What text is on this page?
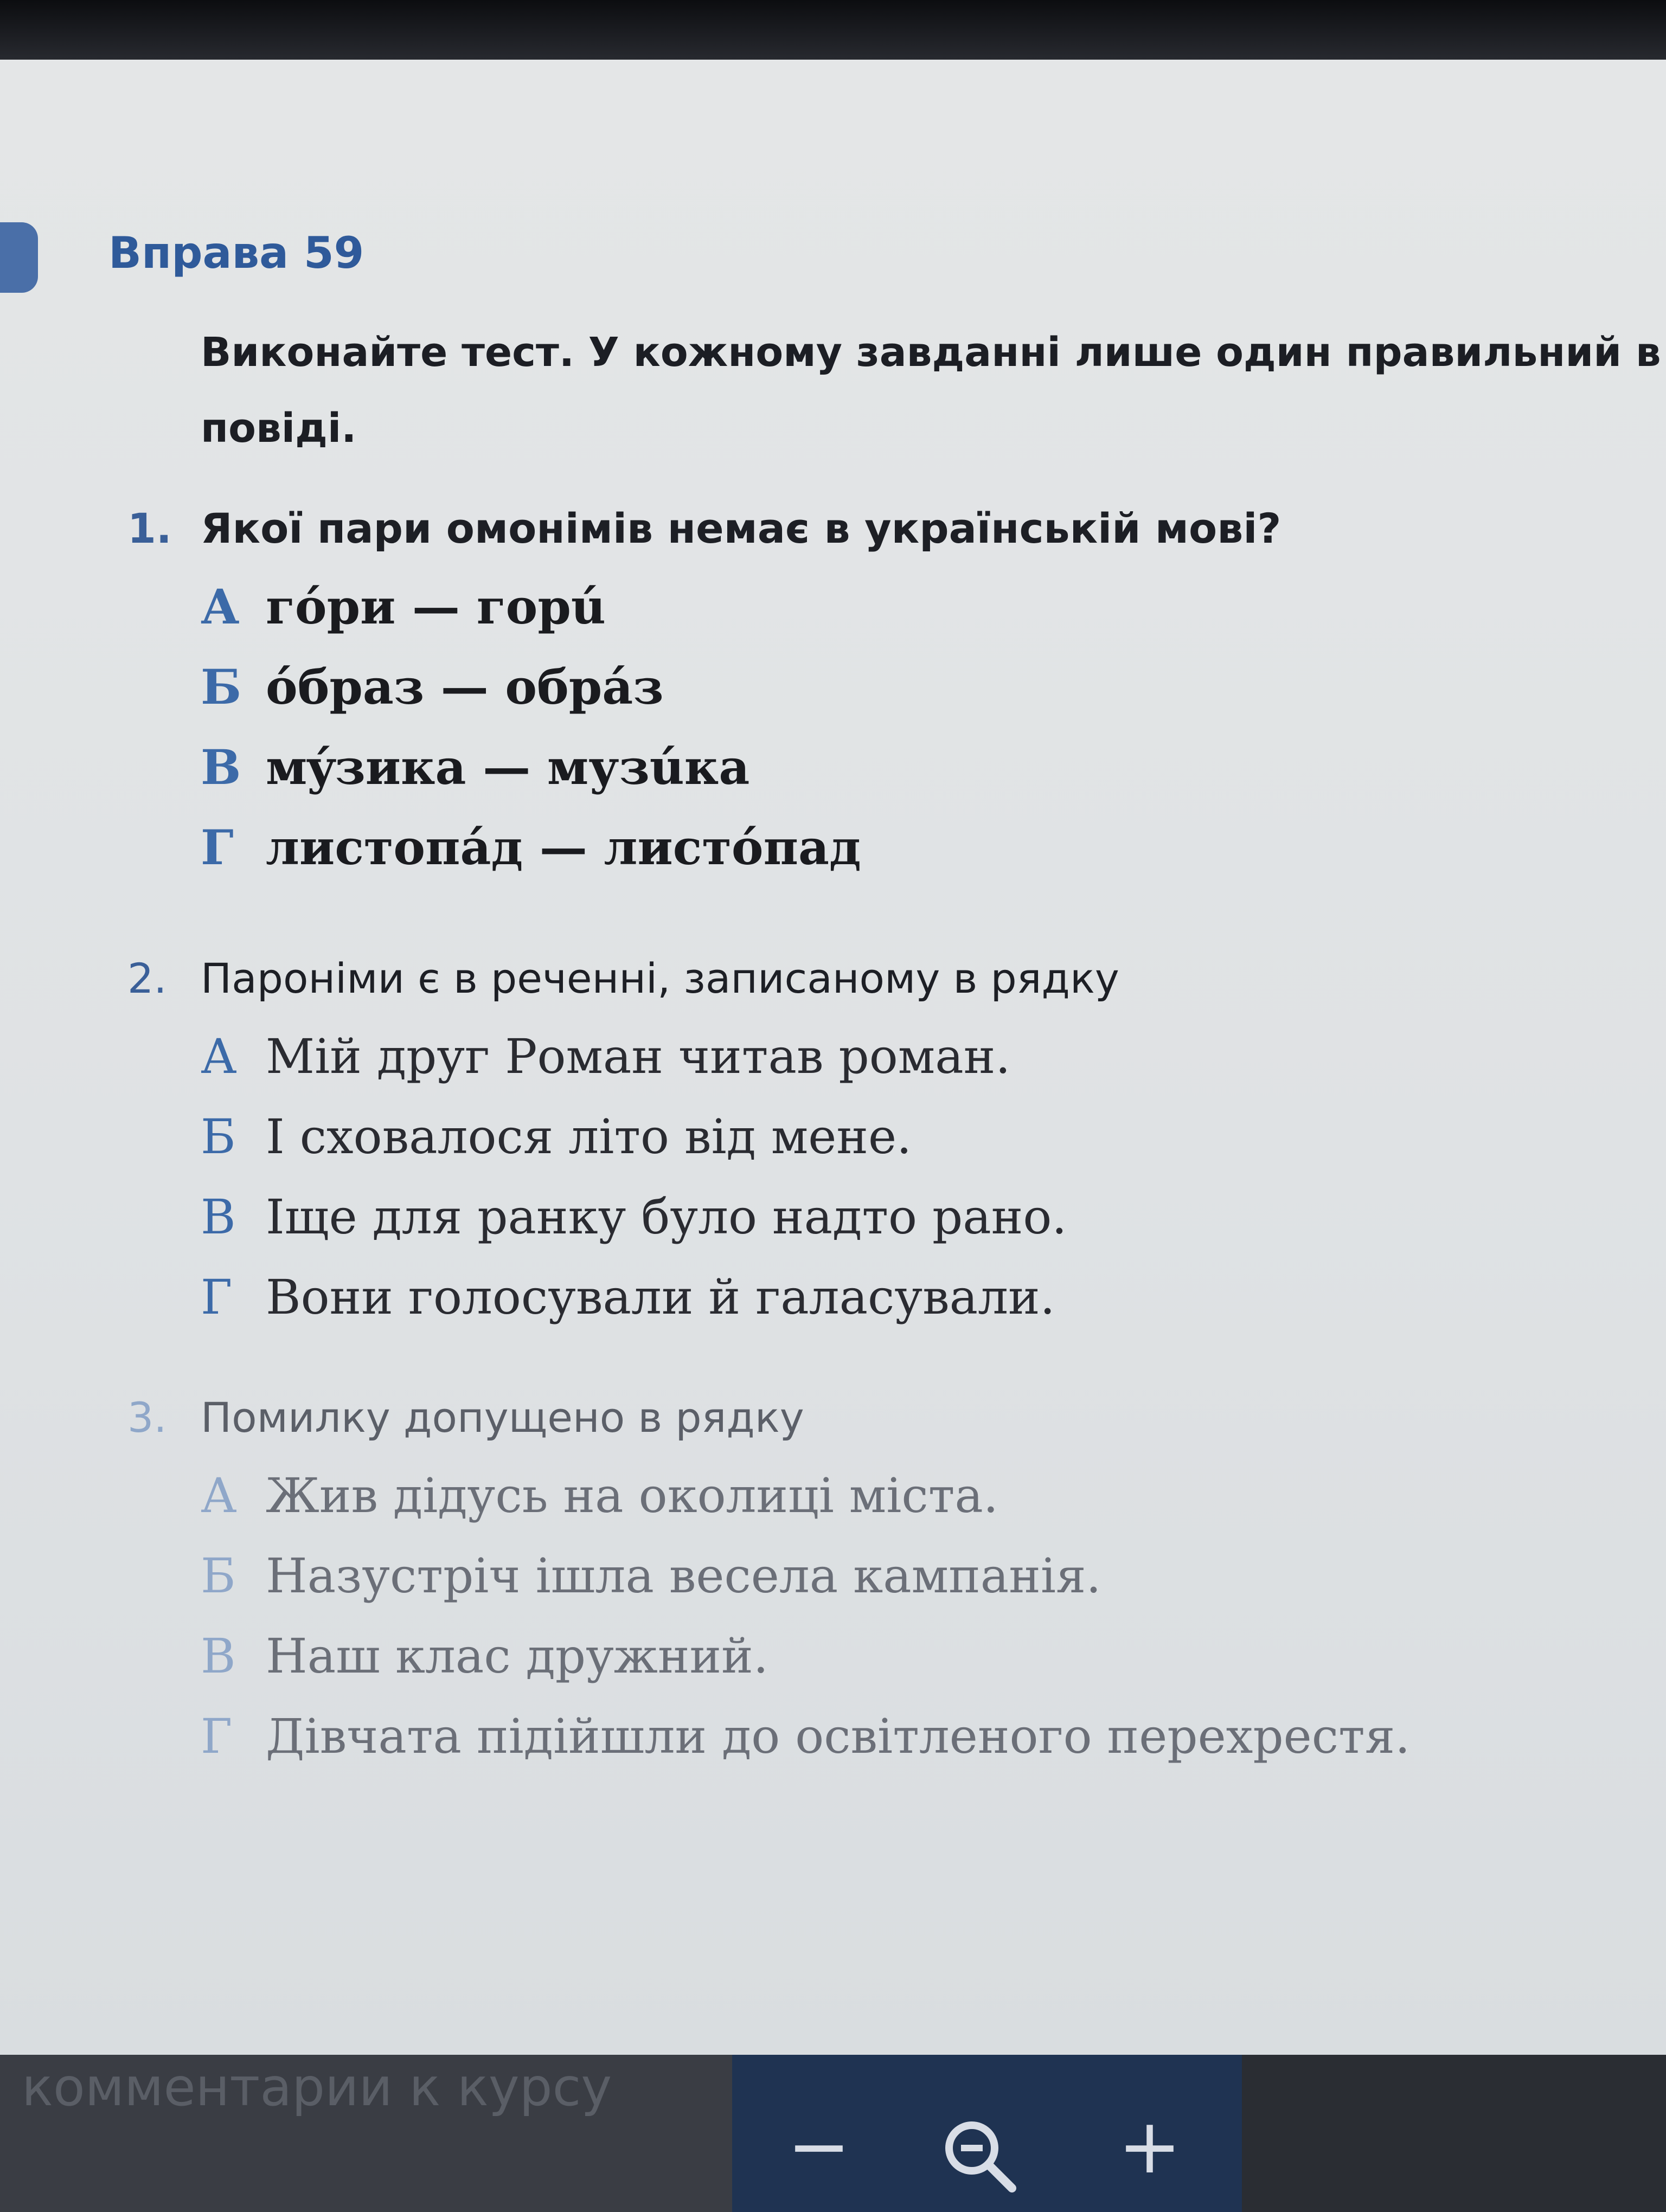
Вправа 59

Виконайте тест. У кожному завданні лише один правильний в
повіді.

1. Якої пари омонімів немає в українській мові?
А гóри — горú
Б óбраз — обрáз
В мýзика — музúка
Г листопáд — листóпад
2. Пароніми є в реченні, записаному в рядку
А Мій друг Роман читав роман.
Б І сховалося літо від мене.
В Іще для ранку було надто рано.
Г Вони голосували й галасували.
3. Помилку допущено в рядку
А Жив дідусь на околиці міста.
Б Назустріч ішла весела кампанія.
В Наш клас дружний.
Г Дівчата підійшли до освітленого перехрестя.
комментарии к курсу
−	+
